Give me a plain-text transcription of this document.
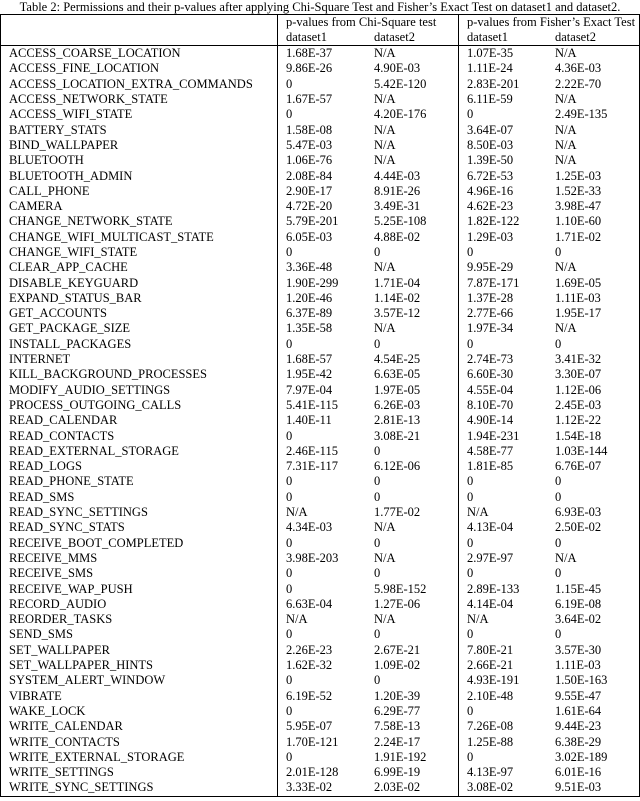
Table 2: Permissions and their p-values after applying Chi-Square Test and Fisher’s Exact Test on dataset1 and dataset2.
	p-values from Chi-Square test		p-values from Fisher’s Exact Test	
	dataset1	dataset2	dataset1	dataset2
ACCESS_COARSE_LOCATION	1.68E-37	N/A	1.07E-35	N/A
ACCESS_FINE_LOCATION	9.86E-26	4.90E-03	1.11E-24	4.36E-03
ACCESS_LOCATION_EXTRA_COMMANDS	0	5.42E-120	2.83E-201	2.22E-70
ACCESS_NETWORK_STATE	1.67E-57	N/A	6.11E-59	N/A
ACCESS_WIFI_STATE	0	4.20E-176	0	2.49E-135
BATTERY_STATS	1.58E-08	N/A	3.64E-07	N/A
BIND_WALLPAPER	5.47E-03	N/A	8.50E-03	N/A
BLUETOOTH	1.06E-76	N/A	1.39E-50	N/A
BLUETOOTH_ADMIN	2.08E-84	4.44E-03	6.72E-53	1.25E-03
CALL_PHONE	2.90E-17	8.91E-26	4.96E-16	1.52E-33
CAMERA	4.72E-20	3.49E-31	4.62E-23	3.98E-47
CHANGE_NETWORK_STATE	5.79E-201	5.25E-108	1.82E-122	1.10E-60
CHANGE_WIFI_MULTICAST_STATE	6.05E-03	4.88E-02	1.29E-03	1.71E-02
CHANGE_WIFI_STATE	0	0	0	0
CLEAR_APP_CACHE	3.36E-48	N/A	9.95E-29	N/A
DISABLE_KEYGUARD	1.90E-299	1.71E-04	7.87E-171	1.69E-05
EXPAND_STATUS_BAR	1.20E-46	1.14E-02	1.37E-28	1.11E-03
GET_ACCOUNTS	6.37E-89	3.57E-12	2.77E-66	1.95E-17
GET_PACKAGE_SIZE	1.35E-58	N/A	1.97E-34	N/A
INSTALL_PACKAGES	0	0	0	0
INTERNET	1.68E-57	4.54E-25	2.74E-73	3.41E-32
KILL_BACKGROUND_PROCESSES	1.95E-42	6.63E-05	6.60E-30	3.30E-07
MODIFY_AUDIO_SETTINGS	7.97E-04	1.97E-05	4.55E-04	1.12E-06
PROCESS_OUTGOING_CALLS	5.41E-115	6.26E-03	8.10E-70	2.45E-03
READ_CALENDAR	1.40E-11	2.81E-13	4.90E-14	1.12E-22
READ_CONTACTS	0	3.08E-21	1.94E-231	1.54E-18
READ_EXTERNAL_STORAGE	2.46E-115	0	4.58E-77	1.03E-144
READ_LOGS	7.31E-117	6.12E-06	1.81E-85	6.76E-07
READ_PHONE_STATE	0	0	0	0
READ_SMS	0	0	0	0
READ_SYNC_SETTINGS	N/A	1.77E-02	N/A	6.93E-03
READ_SYNC_STATS	4.34E-03	N/A	4.13E-04	2.50E-02
RECEIVE_BOOT_COMPLETED	0	0	0	0
RECEIVE_MMS	3.98E-203	N/A	2.97E-97	N/A
RECEIVE_SMS	0	0	0	0
RECEIVE_WAP_PUSH	0	5.98E-152	2.89E-133	1.15E-45
RECORD_AUDIO	6.63E-04	1.27E-06	4.14E-04	6.19E-08
REORDER_TASKS	N/A	N/A	N/A	3.64E-02
SEND_SMS	0	0	0	0
SET_WALLPAPER	2.26E-23	2.67E-21	7.80E-21	3.57E-30
SET_WALLPAPER_HINTS	1.62E-32	1.09E-02	2.66E-21	1.11E-03
SYSTEM_ALERT_WINDOW	0	0	4.93E-191	1.50E-163
VIBRATE	6.19E-52	1.20E-39	2.10E-48	9.55E-47
WAKE_LOCK	0	6.29E-77	0	1.61E-64
WRITE_CALENDAR	5.95E-07	7.58E-13	7.26E-08	9.44E-23
WRITE_CONTACTS	1.70E-121	2.24E-17	1.25E-88	6.38E-29
WRITE_EXTERNAL_STORAGE	0	1.91E-192	0	3.02E-189
WRITE_SETTINGS	2.01E-128	6.99E-19	4.13E-97	6.01E-16
WRITE_SYNC_SETTINGS	3.33E-02	2.03E-02	3.08E-02	9.51E-03
